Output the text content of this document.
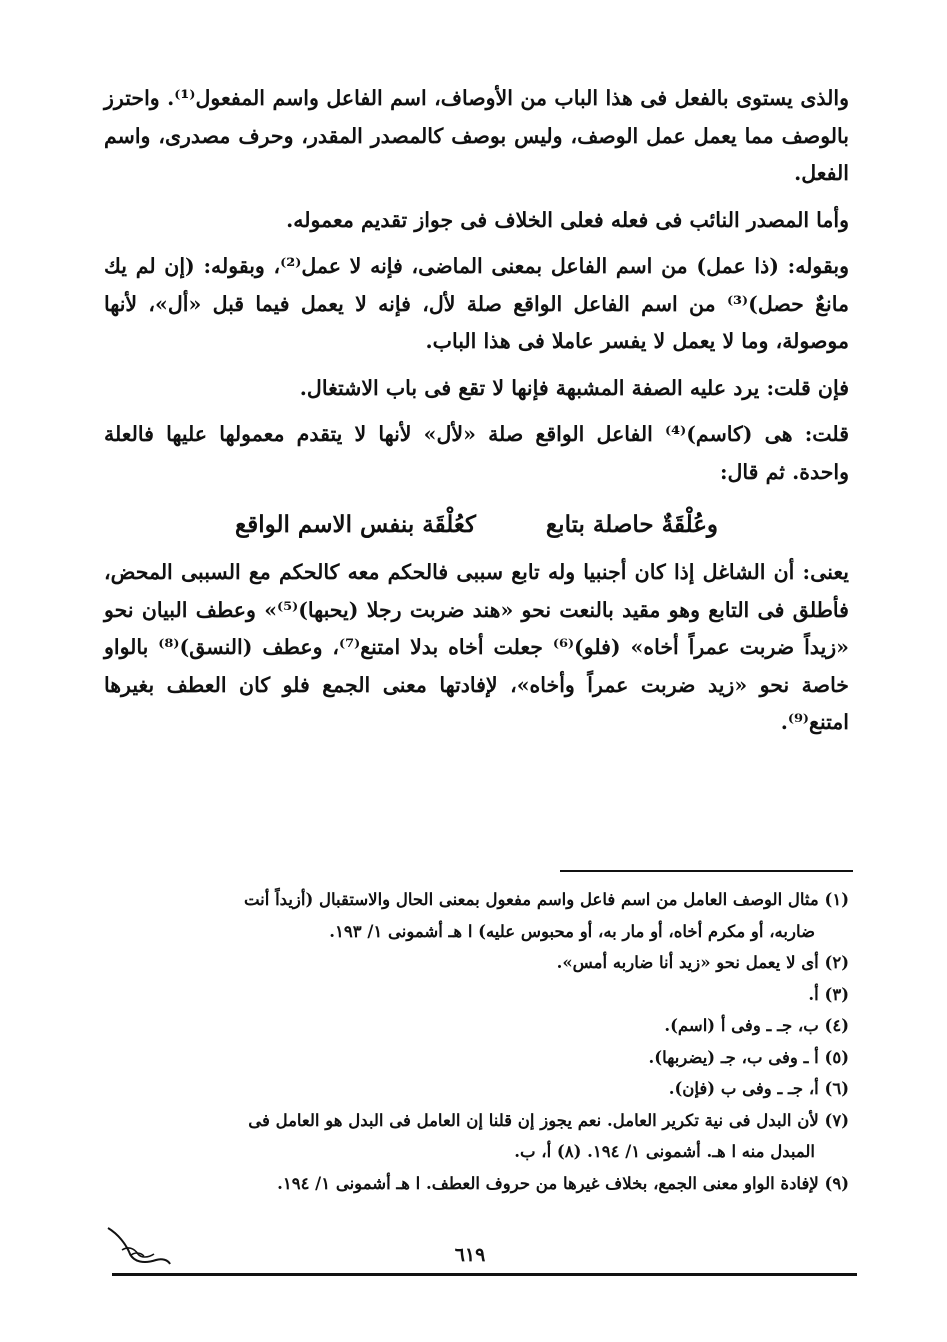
والذى يستوى بالفعل فى هذا الباب من الأوصاف، اسم الفاعل واسم المفعول⁽¹⁾. واحترز بالوصف مما يعمل عمل الوصف، وليس بوصف كالمصدر المقدر، وحرف مصدرى، واسم الفعل.

وأما المصدر النائب فى فعله فعلى الخلاف فى جواز تقديم معموله.

وبقوله: (ذا عمل) من اسم الفاعل بمعنى الماضى، فإنه لا عمل⁽²⁾، وبقوله: (إن لم يك مانعٌ حصل)⁽³⁾ من اسم الفاعل الواقع صلة لأل، فإنه لا يعمل فيما قبل «أل»، لأنها موصولة، وما لا يعمل لا يفسر عاملا فى هذا الباب.

فإن قلت: يرد عليه الصفة المشبهة فإنها لا تقع فى باب الاشتغال.

قلت: هى (كاسم)⁽⁴⁾ الفاعل الواقع صلة «لأل» لأنها لا يتقدم معمولها عليها فالعلة واحدة. ثم قال:

وعُلْقَةٌ حاصلة بتابع
كعُلْقَة بنفس الاسم الواقع

يعنى: أن الشاغل إذا كان أجنبيا وله تابع سببى فالحكم معه كالحكم مع السببى المحض، فأطلق فى التابع وهو مقيد بالنعت نحو «هند ضربت رجلا (يحبها)⁽⁵⁾» وعطف البيان نحو «زيداً ضربت عمراً أخاه» (فلو)⁽⁶⁾ جعلت أخاه بدلا امتنع⁽⁷⁾، وعطف (النسق)⁽⁸⁾ بالواو خاصة نحو «زيد ضربت عمراً وأخاه»، لإفادتها معنى الجمع فلو كان العطف بغيرها امتنع⁽⁹⁾.

(١) مثال الوصف العامل من اسم فاعل واسم مفعول بمعنى الحال والاستقبال (أزيداً أنت

ضاربه، أو مكرم أخاه، أو مار به، أو محبوس عليه) ا هـ أشمونى ١/ ١٩٣.

(٢) أى لا يعمل نحو «زيد أنا ضاربه أمس».

(٣) أ.

(٤) ب، جـ ـ وفى أ (اسم).

(٥) أ ـ وفى ب، جـ (يضربها).

(٦) أ، جـ ـ وفى ب (فإن).

(٧) لأن البدل فى نية تكرير العامل. نعم يجوز إن قلنا إن العامل فى البدل هو العامل فى

المبدل منه ا هـ. أشمونى ١/ ١٩٤. (٨) أ، ب.

(٩) لإفادة الواو معنى الجمع، بخلاف غيرها من حروف العطف. ا هـ أشمونى ١/ ١٩٤.

٦١٩
